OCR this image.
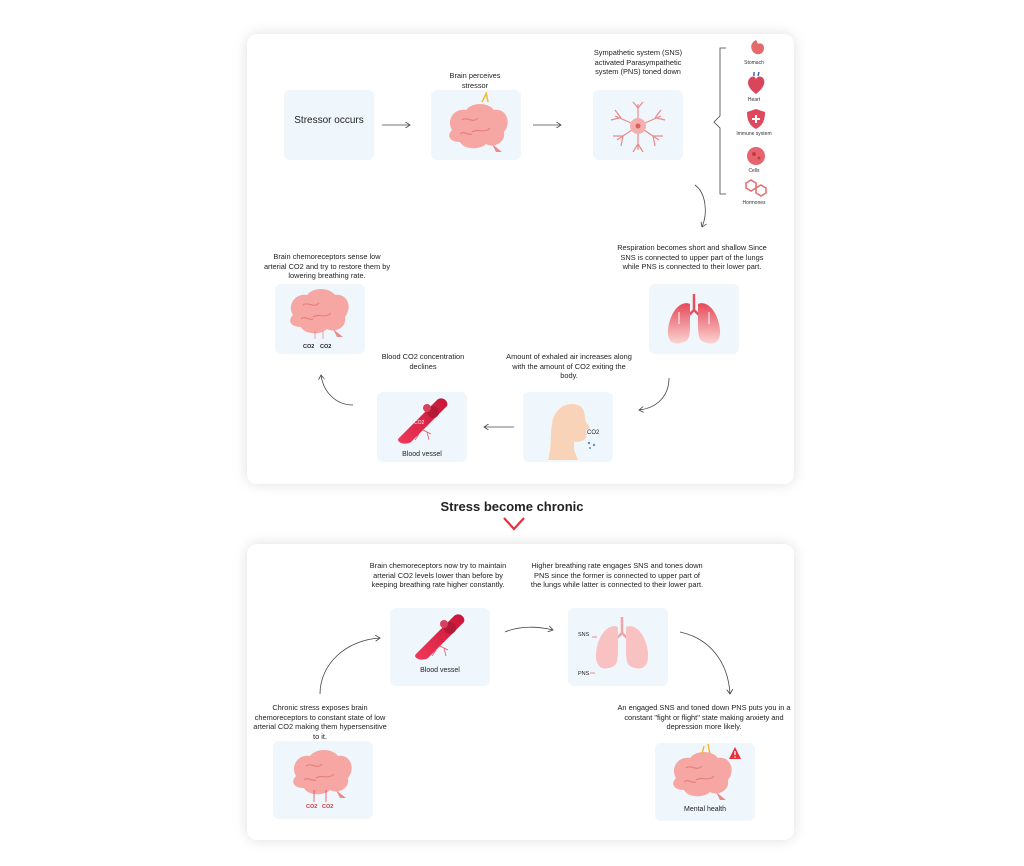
Stressor occurs
Brain perceives stressor
Sympathetic system (SNS) activated Parasympathetic system (PNS) toned down
Stomach
Heart
Immune system
Cells
Hormones
Respiration becomes short and shallow Since SNS is connected to upper part of the lungs while PNS is connected to their lower part.
Amount of exhaled air increases along with the amount of CO2 exiting the body.
CO2
Blood CO2 concentration declines
CO2
Blood vessel
Brain chemoreceptors sense low arterial CO2 and try to restore them by lowering breathing rate.
CO2 CO2
Stress become chronic
Brain chemoreceptors now try to maintain arterial CO2 levels lower than before by keeping breathing rate higher constantly.
Blood vessel
Higher breathing rate engages SNS and tones down PNS since the former is connected to upper part of the lungs while latter is connected to their lower part.
SNS
PNS
An engaged SNS and toned down PNS puts you in a constant "fight or flight" state making anxiety and depression more likely.
Mental health
Chronic stress exposes brain chemoreceptors to constant state of low arterial CO2 making them hypersensitive to it.
CO2 CO2
